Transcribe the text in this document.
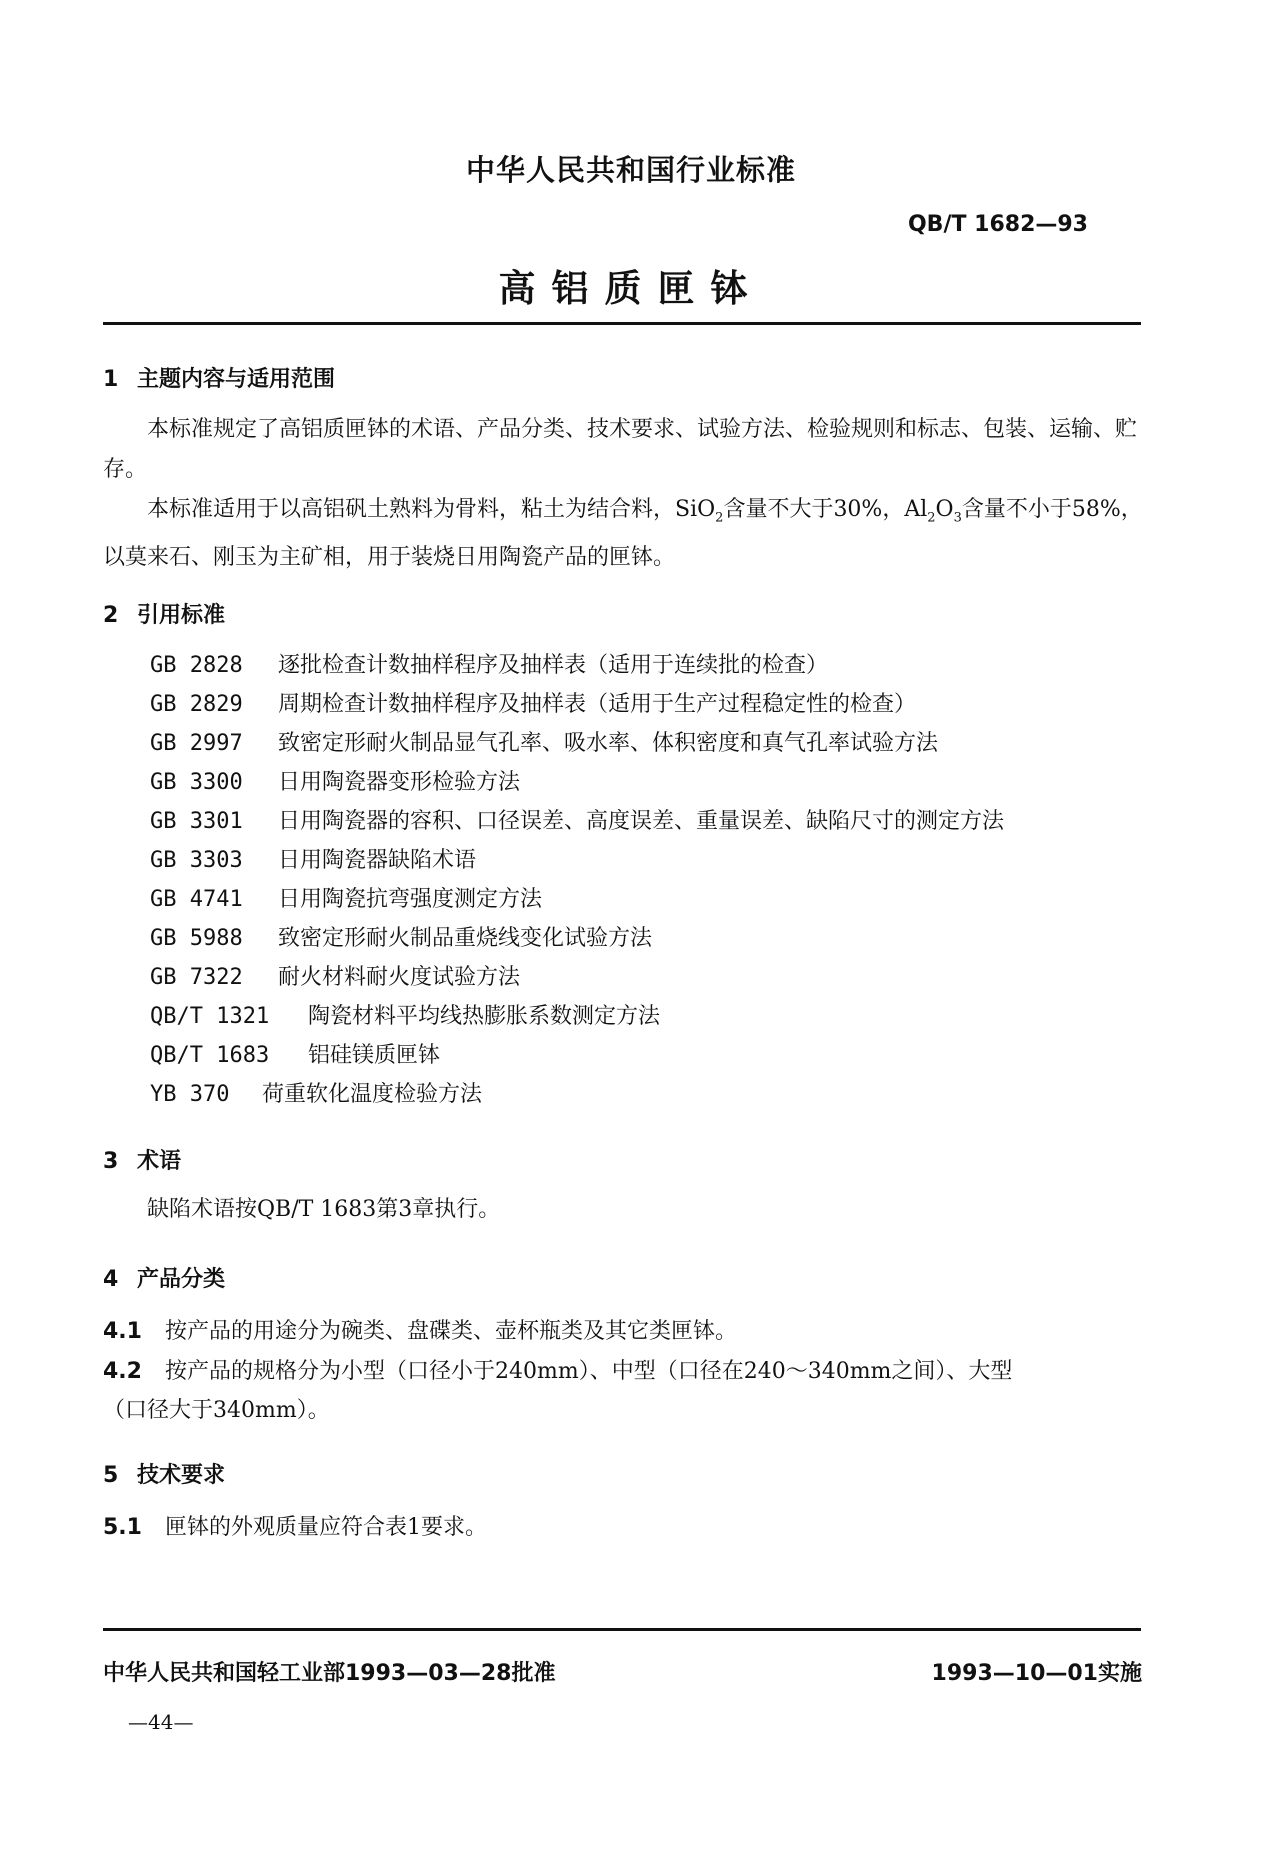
中华人民共和国行业标准
QB/T 1682—93
高铝质匣钵
1 主题内容与适用范围
本标准规定了高铝质匣钵的术语、产品分类、技术要求、试验方法、检验规则和标志、包装、运输、贮存。
本标准适用于以高铝矾土熟料为骨料，粘土为结合料，SiO$_2$含量不大于30%，$Al_2O_3$含量不小于58%，以莫来石、刚玉为主矿相，用于装烧日用陶瓷产品的匣钵。
2 引用标准
GB 2828 逐批检查计数抽样程序及抽样表（适用于连续批的检查）
GB 2829 周期检查计数抽样程序及抽样表（适用于生产过程稳定性的检查）
GB 2997 致密定形耐火制品显气孔率、吸水率、体积密度和真气孔率试验方法
GB 3300 日用陶瓷器变形检验方法
GB 3301 日用陶瓷器的容积、口径误差、高度误差、重量误差、缺陷尺寸的测定方法
GB 3303 日用陶瓷器缺陷术语
GB 4741 日用陶瓷抗弯强度测定方法
GB 5988 致密定形耐火制品重烧线变化试验方法
GB 7322 耐火材料耐火度试验方法
QB/T 1321 陶瓷材料平均线热膨胀系数测定方法
QB/T 1683 铝硅镁质匣钵
YB 370 荷重软化温度检验方法
3 术语
缺陷术语按QB/T 1683第3章执行。
4 产品分类
4.1 按产品的用途分为碗类、盘碟类、壶杯瓶类及其它类匣钵。
4.2 按产品的规格分为小型（口径小于240mm）、中型（口径在240～340mm之间）、大型
（口径大于340mm）。
5 技术要求
5.1 匣钵的外观质量应符合表1要求。
中华人民共和国轻工业部1993—03—28批准	1993—10—01实施
—44—
